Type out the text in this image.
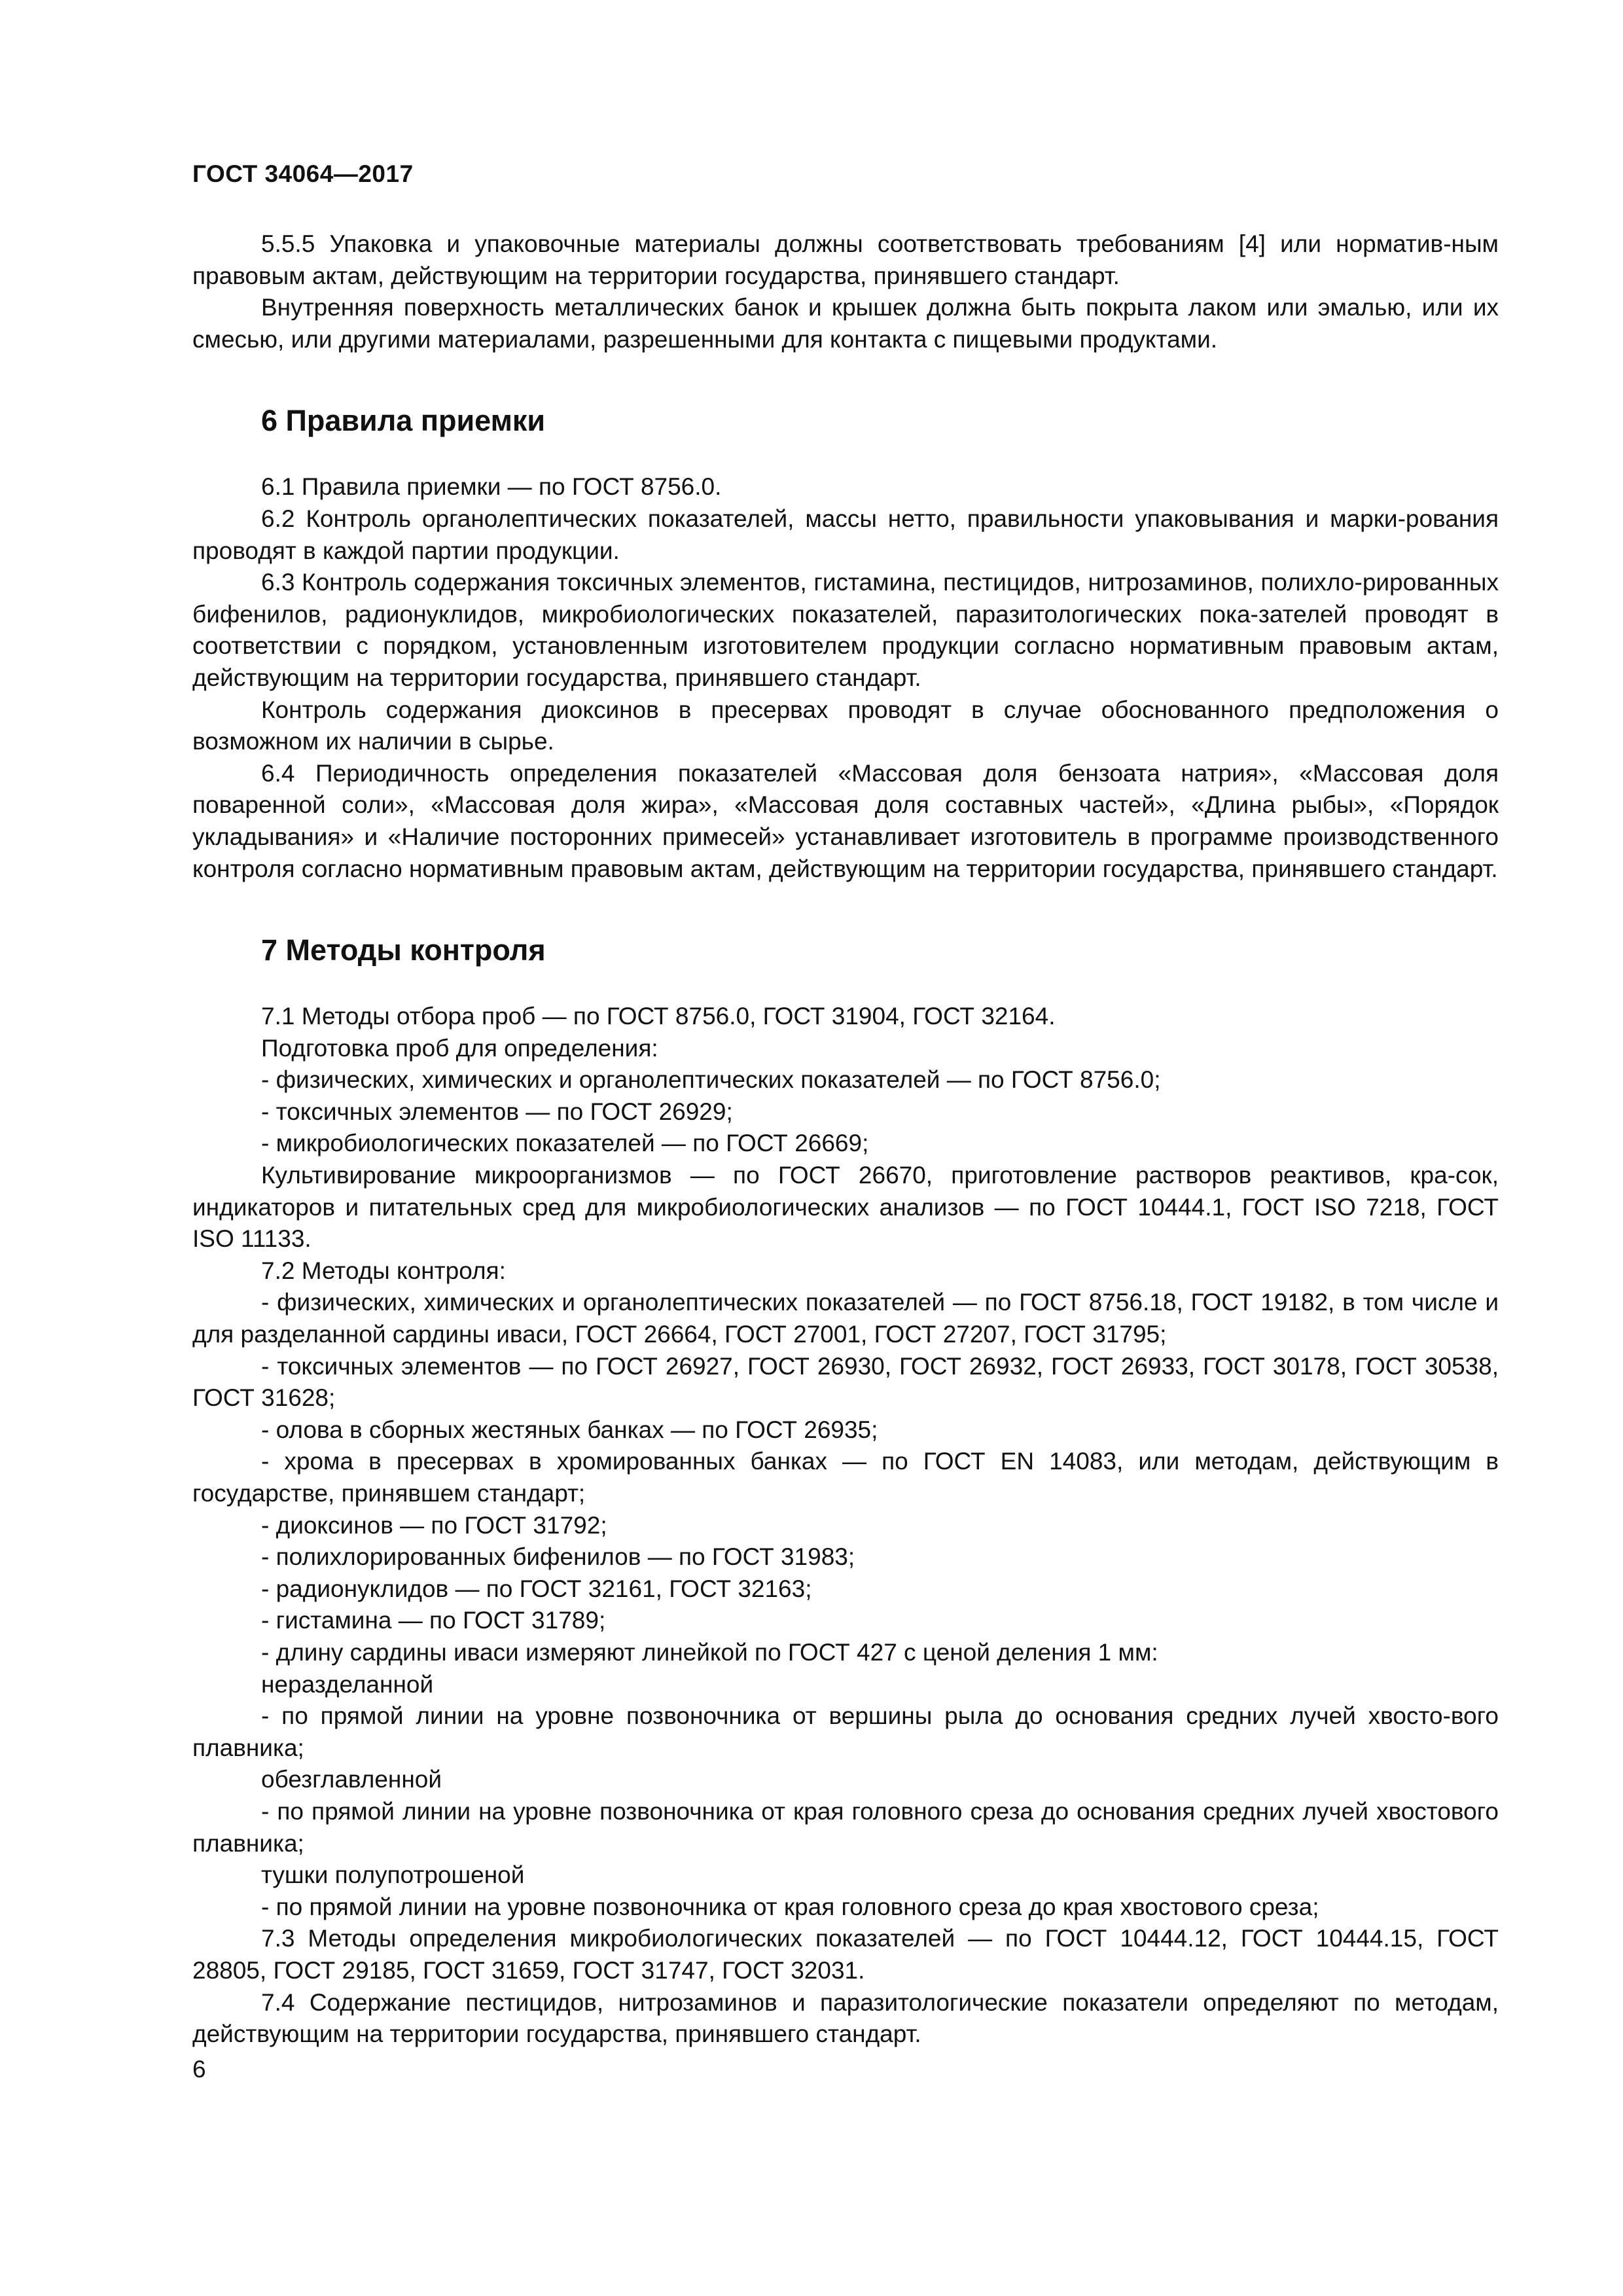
ГОСТ 34064—2017

5.5.5 Упаковка и упаковочные материалы должны соответствовать требованиям [4] или норматив-ным правовым актам, действующим на территории государства, принявшего стандарт.

Внутренняя поверхность металлических банок и крышек должна быть покрыта лаком или эмалью, или их смесью, или другими материалами, разрешенными для контакта с пищевыми продуктами.

6 Правила приемки

6.1 Правила приемки — по ГОСТ 8756.0.

6.2 Контроль органолептических показателей, массы нетто, правильности упаковывания и марки-рования проводят в каждой партии продукции.

6.3 Контроль содержания токсичных элементов, гистамина, пестицидов, нитрозаминов, полихло-рированных бифенилов, радионуклидов, микробиологических показателей, паразитологических пока-зателей проводят в соответствии с порядком, установленным изготовителем продукции согласно нормативным правовым актам, действующим на территории государства, принявшего стандарт.

Контроль содержания диоксинов в пресервах проводят в случае обоснованного предположения о возможном их наличии в сырье.

6.4 Периодичность определения показателей «Массовая доля бензоата натрия», «Массовая доля поваренной соли», «Массовая доля жира», «Массовая доля составных частей», «Длина рыбы», «Порядок укладывания» и «Наличие посторонних примесей» устанавливает изготовитель в программе производственного контроля согласно нормативным правовым актам, действующим на территории государства, принявшего стандарт.

7 Методы контроля

7.1 Методы отбора проб — по ГОСТ 8756.0, ГОСТ 31904, ГОСТ 32164.

Подготовка проб для определения:

- физических, химических и органолептических показателей — по ГОСТ 8756.0;

- токсичных элементов — по ГОСТ 26929;

- микробиологических показателей — по ГОСТ 26669;

Культивирование микроорганизмов — по ГОСТ 26670, приготовление растворов реактивов, кра-сок, индикаторов и питательных сред для микробиологических анализов — по ГОСТ 10444.1, ГОСТ ISO 7218, ГОСТ ISO 11133.

7.2 Методы контроля:

- физических, химических и органолептических показателей — по ГОСТ 8756.18, ГОСТ 19182, в том числе и для разделанной сардины иваси, ГОСТ 26664, ГОСТ 27001, ГОСТ 27207, ГОСТ 31795;

- токсичных элементов — по ГОСТ 26927, ГОСТ 26930, ГОСТ 26932, ГОСТ 26933, ГОСТ 30178, ГОСТ 30538, ГОСТ 31628;

- олова в сборных жестяных банках — по ГОСТ 26935;

- хрома в пресервах в хромированных банках — по ГОСТ EN 14083, или методам, действующим в государстве, принявшем стандарт;

- диоксинов — по ГОСТ 31792;

- полихлорированных бифенилов — по ГОСТ 31983;

- радионуклидов — по ГОСТ 32161, ГОСТ 32163;

- гистамина — по ГОСТ 31789;

- длину сардины иваси измеряют линейкой по ГОСТ 427 с ценой деления 1 мм:

неразделанной

- по прямой линии на уровне позвоночника от вершины рыла до основания средних лучей хвосто-вого плавника;

обезглавленной

- по прямой линии на уровне позвоночника от края головного среза до основания средних лучей хвостового плавника;

тушки полупотрошеной

- по прямой линии на уровне позвоночника от края головного среза до края хвостового среза;

7.3 Методы определения микробиологических показателей — по ГОСТ 10444.12, ГОСТ 10444.15, ГОСТ 28805, ГОСТ 29185, ГОСТ 31659, ГОСТ 31747, ГОСТ 32031.

7.4 Содержание пестицидов, нитрозаминов и паразитологические показатели определяют по методам, действующим на территории государства, принявшего стандарт.

6
